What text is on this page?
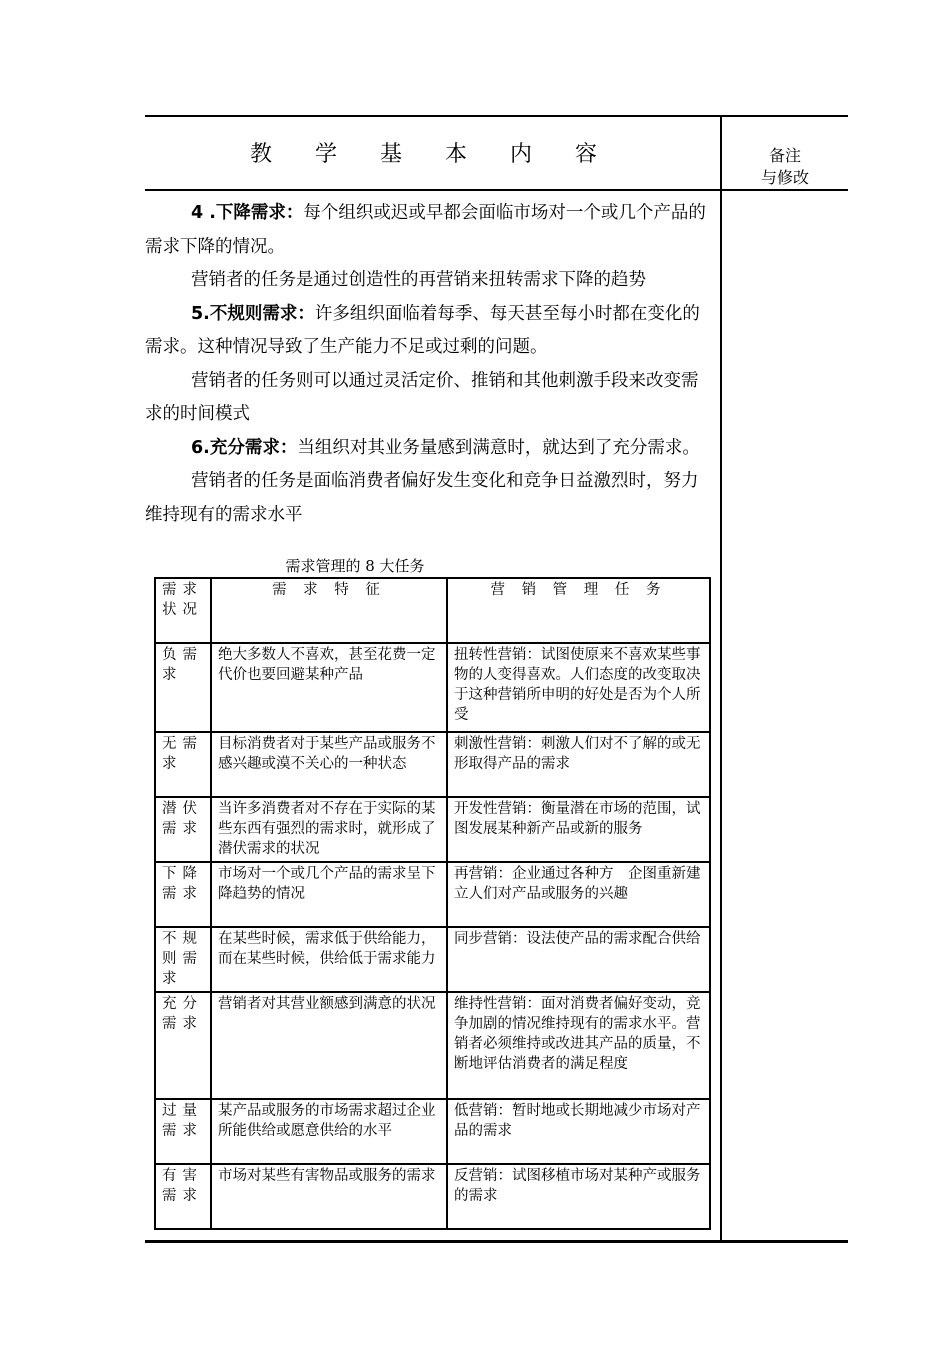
教 学 基 本 内 容	备注
与修改

4 .下降需求：每个组织或迟或早都会面临市场对一个或几个产品的需求下降的情况。

营销者的任务是通过创造性的再营销来扭转需求下降的趋势

5.不规则需求：许多组织面临着每季、每天甚至每小时都在变化的需求。这种情况导致了生产能力不足或过剩的问题。

营销者的任务则可以通过灵活定价、推销和其他刺激手段来改变需求的时间模式

6.充分需求：当组织对其业务量感到满意时，就达到了充分需求。

营销者的任务是面临消费者偏好发生变化和竞争日益激烈时，努力维持现有的需求水平

需求管理的 8 大任务
需求状况	需 求 特 征	营 销 管 理 任 务
负需求	绝大多数人不喜欢，甚至花费一定代价也要回避某种产品	扭转性营销：试图使原来不喜欢某些事物的人变得喜欢。人们态度的改变取决于这种营销所申明的好处是否为个人所　受
无需求	目标消费者对于某些产品或服务不感兴趣或漠不关心的一种状态	刺激性营销：刺激人们对不了解的或无形取得产品的需求
潜伏需求	当许多消费者对不存在于实际的某些东西有强烈的需求时，就形成了潜伏需求的状况	开发性营销：衡量潜在市场的范围，试图发展某种新产品或新的服务
下降需求	市场对一个或几个产品的需求呈下降趋势的情况	再营销：企业通过各种方　企图重新建立人们对产品或服务的兴趣
不规则需求	在某些时候，需求低于供给能力，而在某些时候，供给低于需求能力	同步营销：设法使产品的需求配合供给
充分需求	营销者对其营业额感到满意的状况	维持性营销：面对消费者偏好变动，竞争加剧的情况维持现有的需求水平。营销者必须维持或改进其产品的质量，不断地评估消费者的满足程度
过量需求	某产品或服务的市场需求超过企业所能供给或愿意供给的水平	低营销：暂时地或长期地减少市场对产品的需求
有害需求	市场对某些有害物品或服务的需求	反营销：试图移植市场对某种产或服务的需求
